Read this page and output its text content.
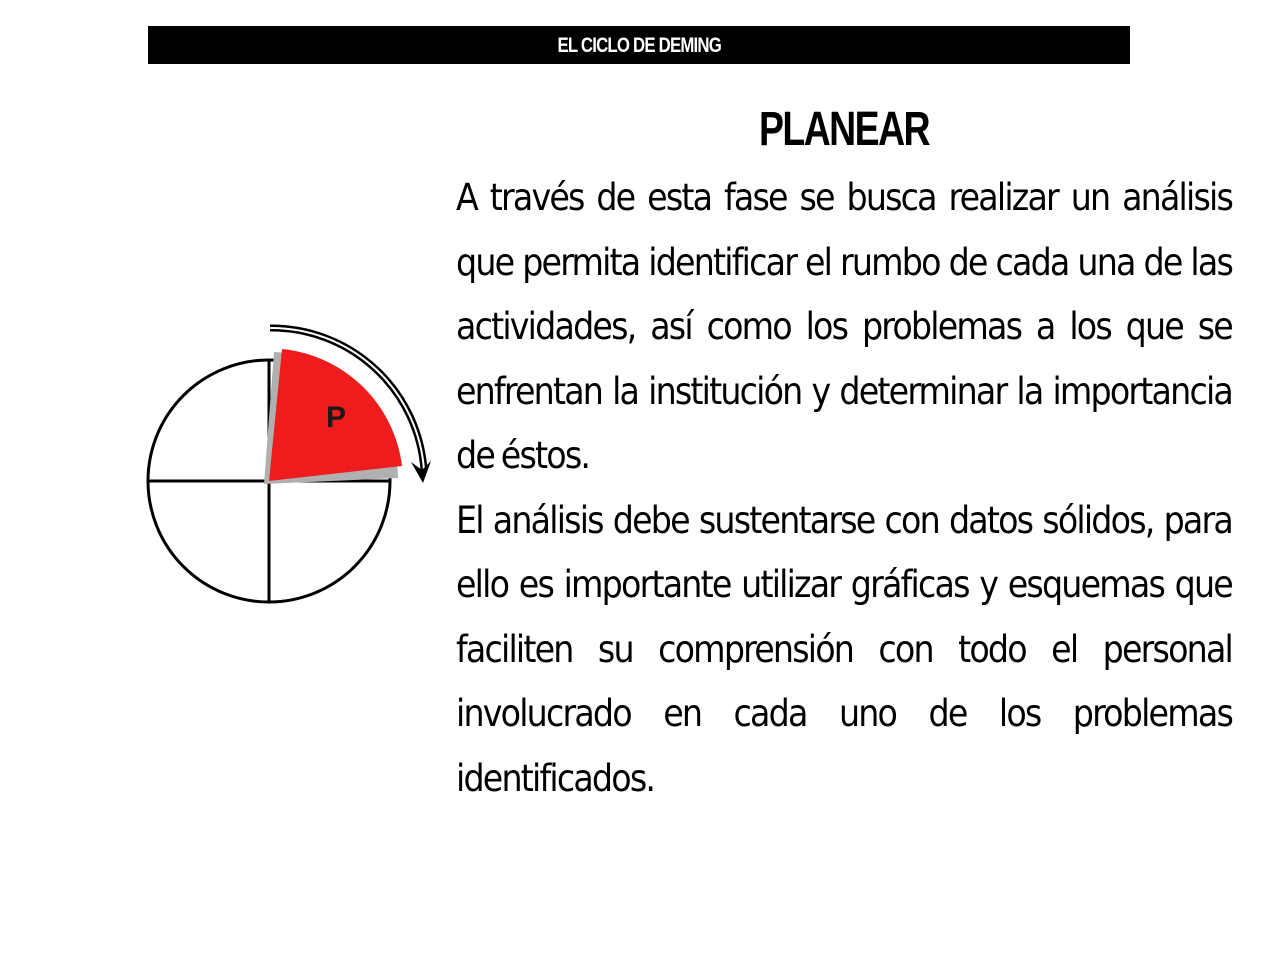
EL CICLO DE DEMING
P
PLANEAR

A través de esta fase se busca realizar un análisis que permita identificar el rumbo de cada una de las actividades, así como los problemas a los que se enfrentan la institución y determinar la importancia de éstos.

El análisis debe sustentarse con datos sólidos, para ello es importante utilizar gráficas y esquemas que faciliten su comprensión con todo el personal involucrado en cada uno de los problemas identificados.
